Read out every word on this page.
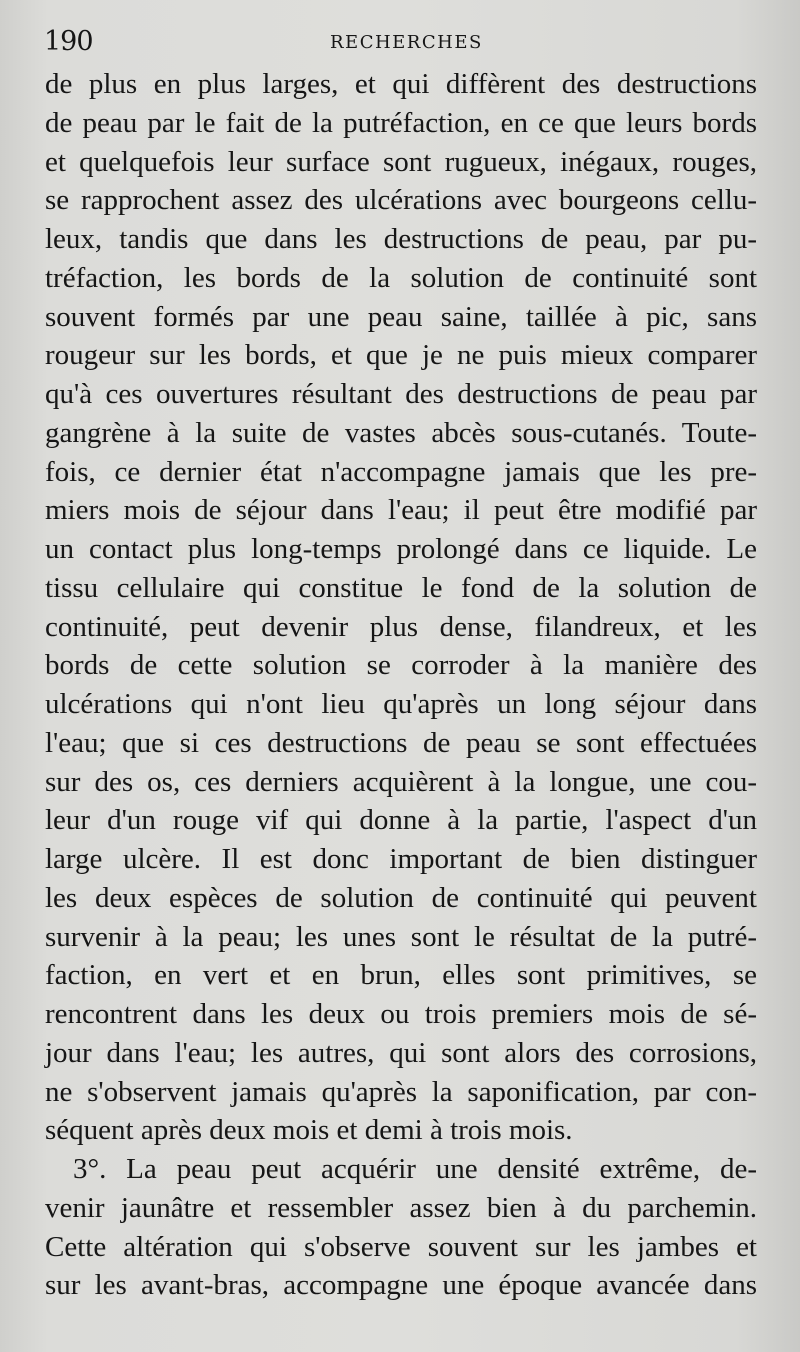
190	RECHERCHES
de plus en plus larges, et qui diffèrent des destructions
de peau par le fait de la putréfaction, en ce que leurs bords
et quelquefois leur surface sont rugueux, inégaux, rouges,
se rapprochent assez des ulcérations avec bourgeons cellu-
leux, tandis que dans les destructions de peau, par pu-
tréfaction, les bords de la solution de continuité sont
souvent formés par une peau saine, taillée à pic, sans
rougeur sur les bords, et que je ne puis mieux comparer
qu'à ces ouvertures résultant des destructions de peau par
gangrène à la suite de vastes abcès sous-cutanés. Toute-
fois, ce dernier état n'accompagne jamais que les pre-
miers mois de séjour dans l'eau; il peut être modifié par
un contact plus long-temps prolongé dans ce liquide. Le
tissu cellulaire qui constitue le fond de la solution de
continuité, peut devenir plus dense, filandreux, et les
bords de cette solution se corroder à la manière des
ulcérations qui n'ont lieu qu'après un long séjour dans
l'eau; que si ces destructions de peau se sont effectuées
sur des os, ces derniers acquièrent à la longue, une cou-
leur d'un rouge vif qui donne à la partie, l'aspect d'un
large ulcère. Il est donc important de bien distinguer
les deux espèces de solution de continuité qui peuvent
survenir à la peau; les unes sont le résultat de la putré-
faction, en vert et en brun, elles sont primitives, se
rencontrent dans les deux ou trois premiers mois de sé-
jour dans l'eau; les autres, qui sont alors des corrosions,
ne s'observent jamais qu'après la saponification, par con-
séquent après deux mois et demi à trois mois.
3°. La peau peut acquérir une densité extrême, de-
venir jaunâtre et ressembler assez bien à du parchemin.
Cette altération qui s'observe souvent sur les jambes et
sur les avant-bras, accompagne une époque avancée dans
